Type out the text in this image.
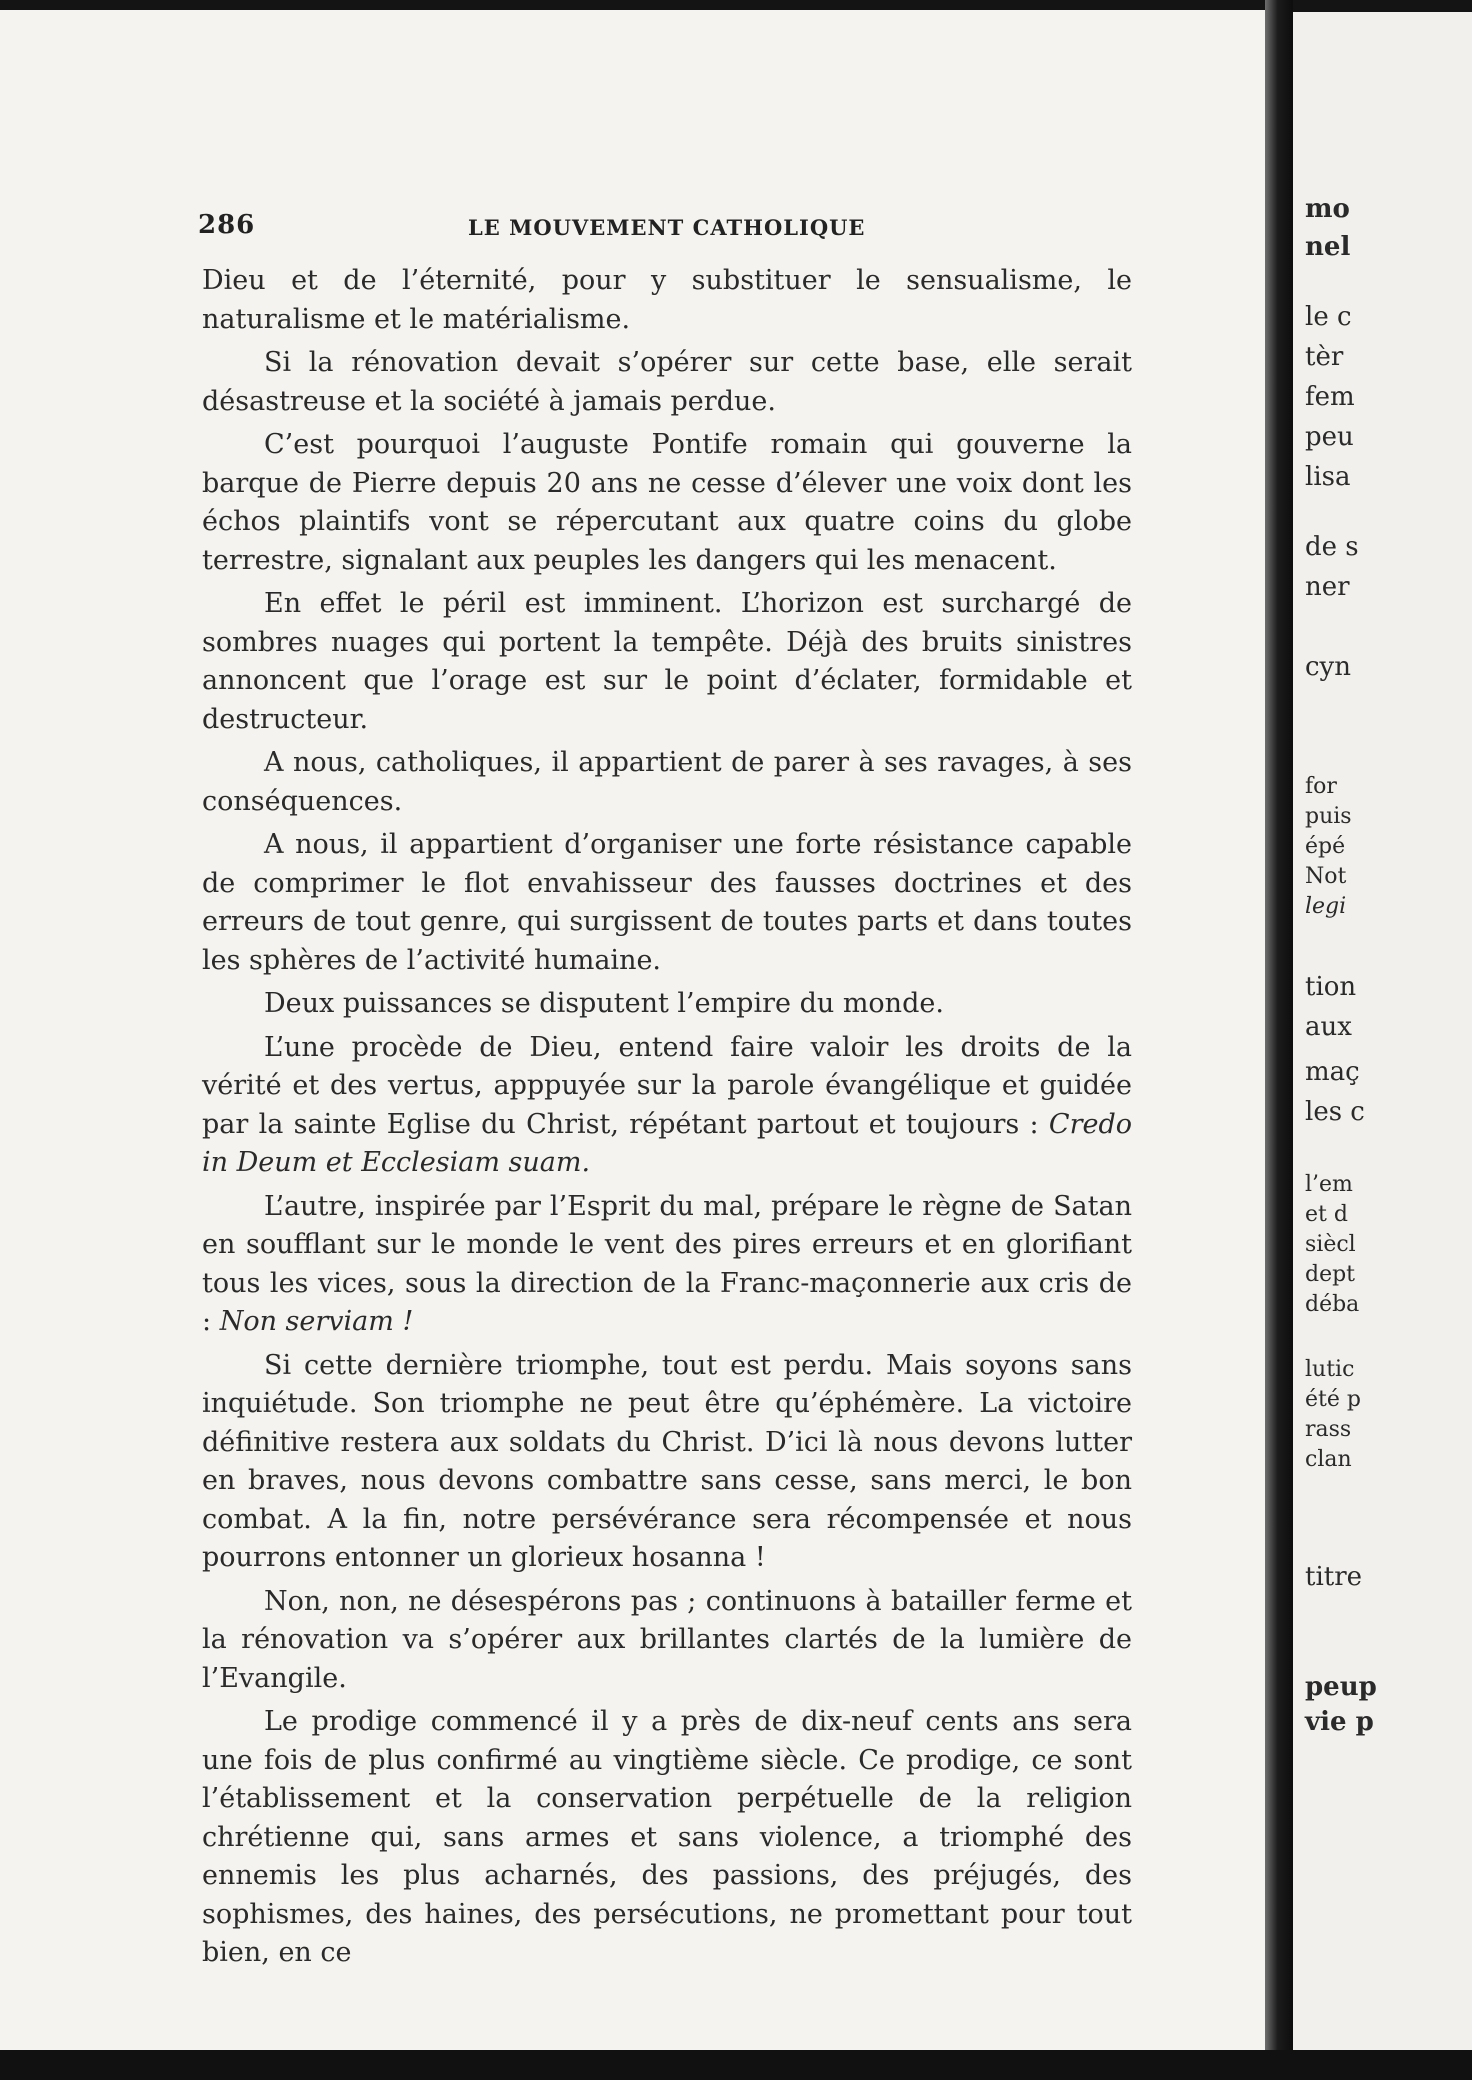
mo
nel
le c
tèr
fem
peu
lisa
de s
ner
cyn
for
puis
épé
Not
legi
tion
aux
maç
les c
l’em
et d
siècl
dept
déba
lutic
été p
rass
clan
titre
peup
vie p
286	LE MOUVEMENT CATHOLIQUE

Dieu et de l’éternité, pour y substituer le sensualisme, le naturalisme et le matérialisme.

Si la rénovation devait s’opérer sur cette base, elle serait désastreuse et la société à jamais perdue.

C’est pourquoi l’auguste Pontife romain qui gouverne la barque de Pierre depuis 20 ans ne cesse d’élever une voix dont les échos plaintifs vont se répercutant aux quatre coins du globe terrestre, signalant aux peuples les dangers qui les menacent.

En effet le péril est imminent. L’horizon est surchargé de sombres nuages qui portent la tempête. Déjà des bruits sinistres annoncent que l’orage est sur le point d’éclater, formidable et destructeur.

A nous, catholiques, il appartient de parer à ses ravages, à ses conséquences.

A nous, il appartient d’organiser une forte résistance capable de comprimer le flot envahisseur des fausses doctrines et des erreurs de tout genre, qui surgissent de toutes parts et dans toutes les sphères de l’activité humaine.

Deux puissances se disputent l’empire du monde.

L’une procède de Dieu, entend faire valoir les droits de la vérité et des vertus, apppuyée sur la parole évangélique et guidée par la sainte Eglise du Christ, répétant partout et toujours : Credo in Deum et Ecclesiam suam.

L’autre, inspirée par l’Esprit du mal, prépare le règne de Satan en soufflant sur le monde le vent des pires erreurs et en glorifiant tous les vices, sous la direction de la Franc-maçonnerie aux cris de : Non serviam !

Si cette dernière triomphe, tout est perdu. Mais soyons sans inquiétude. Son triomphe ne peut être qu’éphémère. La victoire définitive restera aux soldats du Christ. D’ici là nous devons lutter en braves, nous devons combattre sans cesse, sans merci, le bon combat. A la fin, notre persévérance sera récompensée et nous pourrons entonner un glorieux hosanna !

Non, non, ne désespérons pas ; continuons à batailler ferme et la rénovation va s’opérer aux brillantes clartés de la lumière de l’Evangile.

Le prodige commencé il y a près de dix-neuf cents ans sera une fois de plus confirmé au vingtième siècle. Ce prodige, ce sont l’établissement et la conservation perpétuelle de la religion chrétienne qui, sans armes et sans violence, a triomphé des ennemis les plus acharnés, des passions, des préjugés, des sophismes, des haines, des persécutions, ne promettant pour tout bien, en ce
